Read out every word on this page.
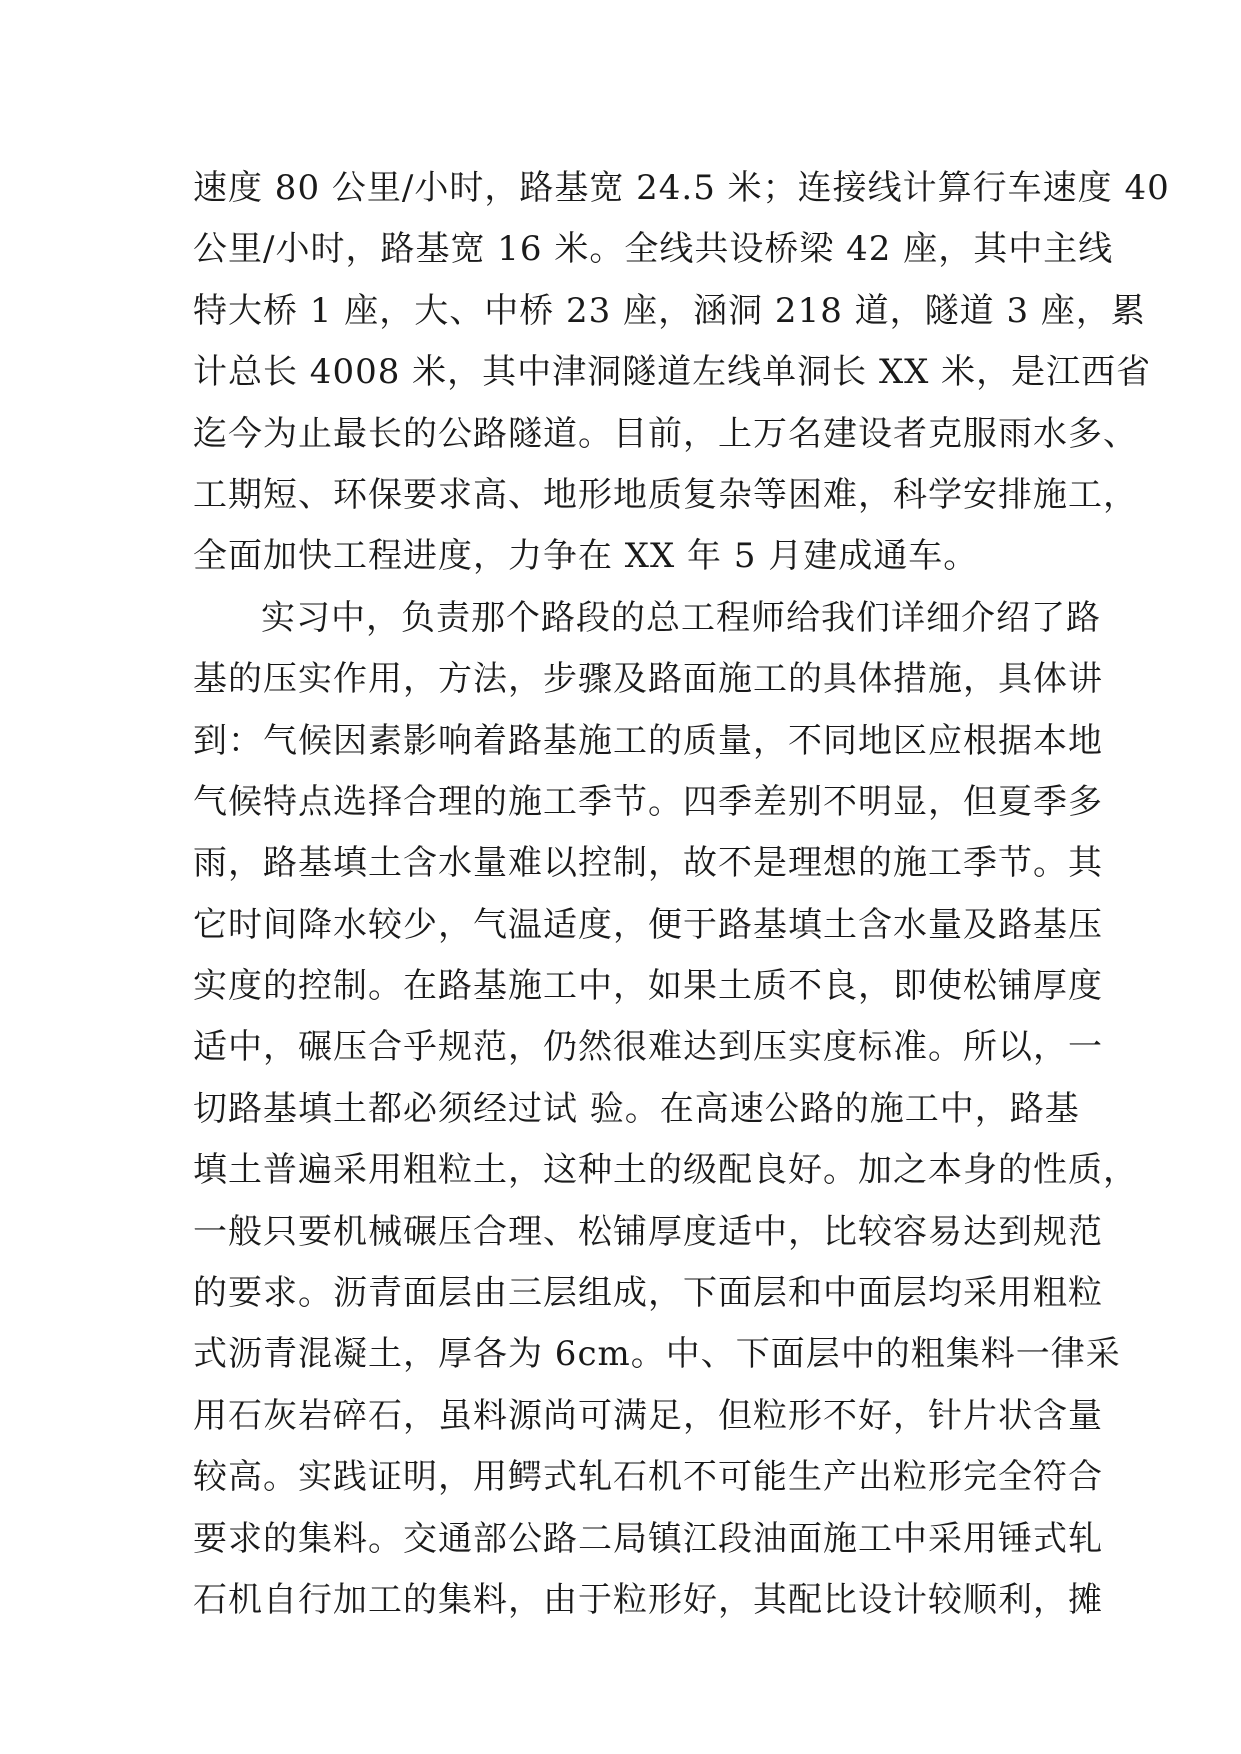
速度 80 公里/小时，路基宽 24.5 米；连接线计算行车速度 40
公里/小时，路基宽 16 米。全线共设桥梁 42 座，其中主线
特大桥 1 座，大、中桥 23 座，涵洞 218 道，隧道 3 座，累
计总长 4008 米，其中津洞隧道左线单洞长 XX 米，是江西省
迄今为止最长的公路隧道。目前，上万名建设者克服雨水多、
工期短、环保要求高、地形地质复杂等困难，科学安排施工，
全面加快工程进度，力争在 XX 年 5 月建成通车。
实习中，负责那个路段的总工程师给我们详细介绍了路
基的压实作用，方法，步骤及路面施工的具体措施，具体讲
到：气候因素影响着路基施工的质量，不同地区应根据本地
气候特点选择合理的施工季节。四季差别不明显，但夏季多
雨，路基填土含水量难以控制，故不是理想的施工季节。其
它时间降水较少，气温适度，便于路基填土含水量及路基压
实度的控制。在路基施工中，如果土质不良，即使松铺厚度
适中，碾压合乎规范，仍然很难达到压实度标准。所以，一
切路基填土都必须经过试 验。在高速公路的施工中，路基
填土普遍采用粗粒土，这种土的级配良好。加之本身的性质，
一般只要机械碾压合理、松铺厚度适中，比较容易达到规范
的要求。沥青面层由三层组成，下面层和中面层均采用粗粒
式沥青混凝土，厚各为 6cm。中、下面层中的粗集料一律采
用石灰岩碎石，虽料源尚可满足，但粒形不好，针片状含量
较高。实践证明，用鳄式轧石机不可能生产出粒形完全符合
要求的集料。交通部公路二局镇江段油面施工中采用锤式轧
石机自行加工的集料，由于粒形好，其配比设计较顺利，摊
